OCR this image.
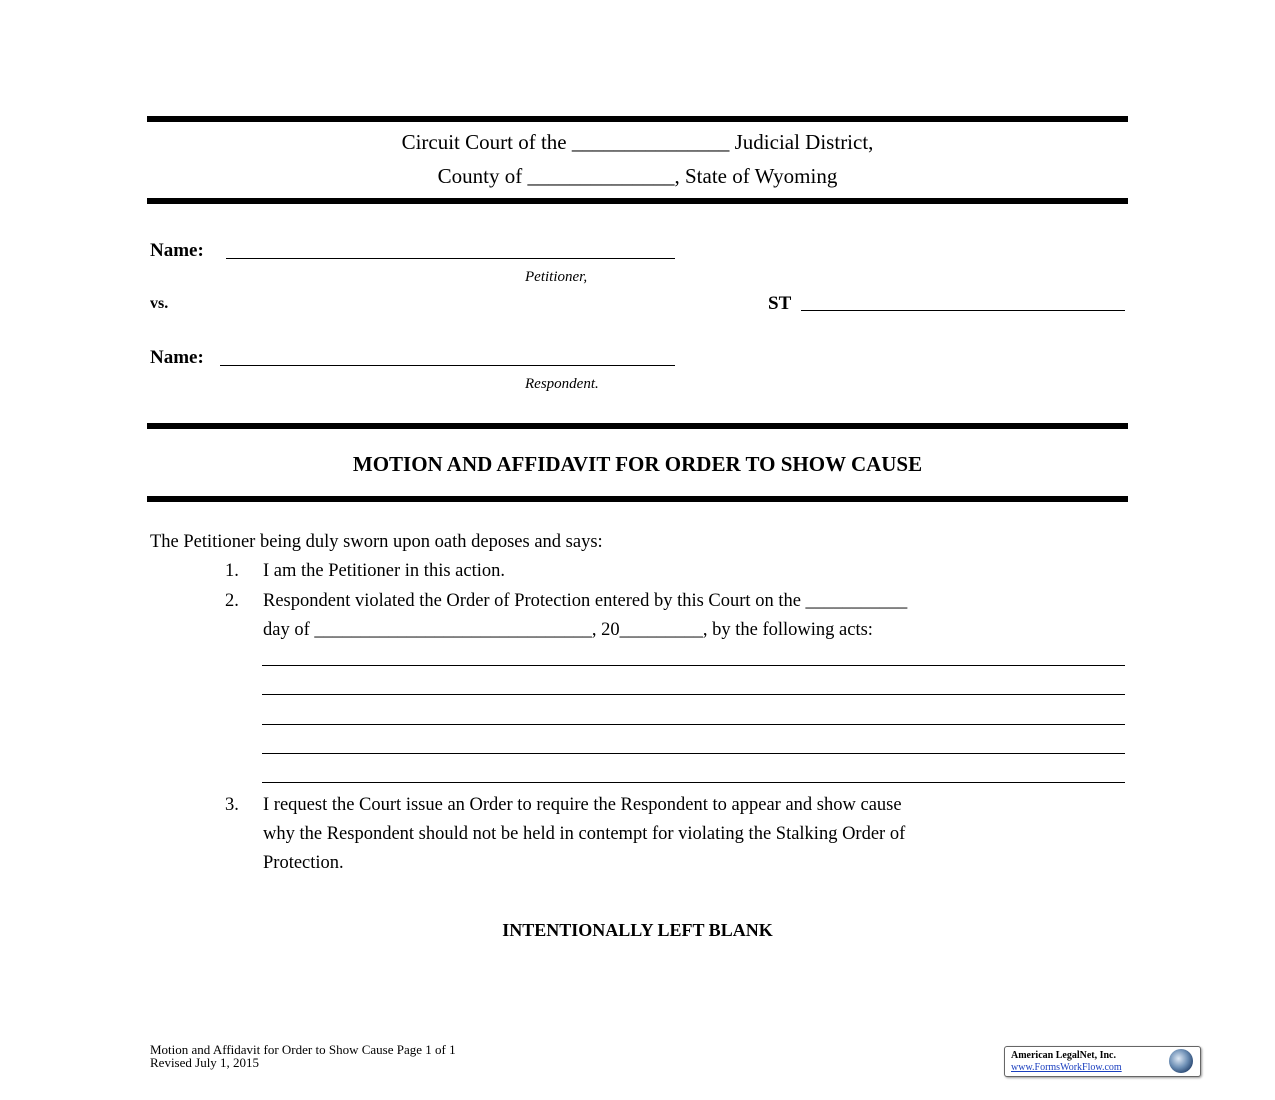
Circuit Court of the _______________ Judicial District,
County of ______________, State of Wyoming
Name:
Petitioner,
vs.	ST
Name:
Respondent.
MOTION AND AFFIDAVIT FOR ORDER TO SHOW CAUSE
The Petitioner being duly sworn upon oath deposes and says:
1. I am the Petitioner in this action.
2. Respondent violated the Order of Protection entered by this Court on the ___________
day of ______________________________, 20_________, by the following acts:
3. I request the Court issue an Order to require the Respondent to appear and show cause
why the Respondent should not be held in contempt for violating the Stalking Order of
Protection.
INTENTIONALLY LEFT BLANK
Motion and Affidavit for Order to Show Cause Page 1 of 1
Revised July 1, 2015	American LegalNet, Inc.
www.FormsWorkFlow.com
